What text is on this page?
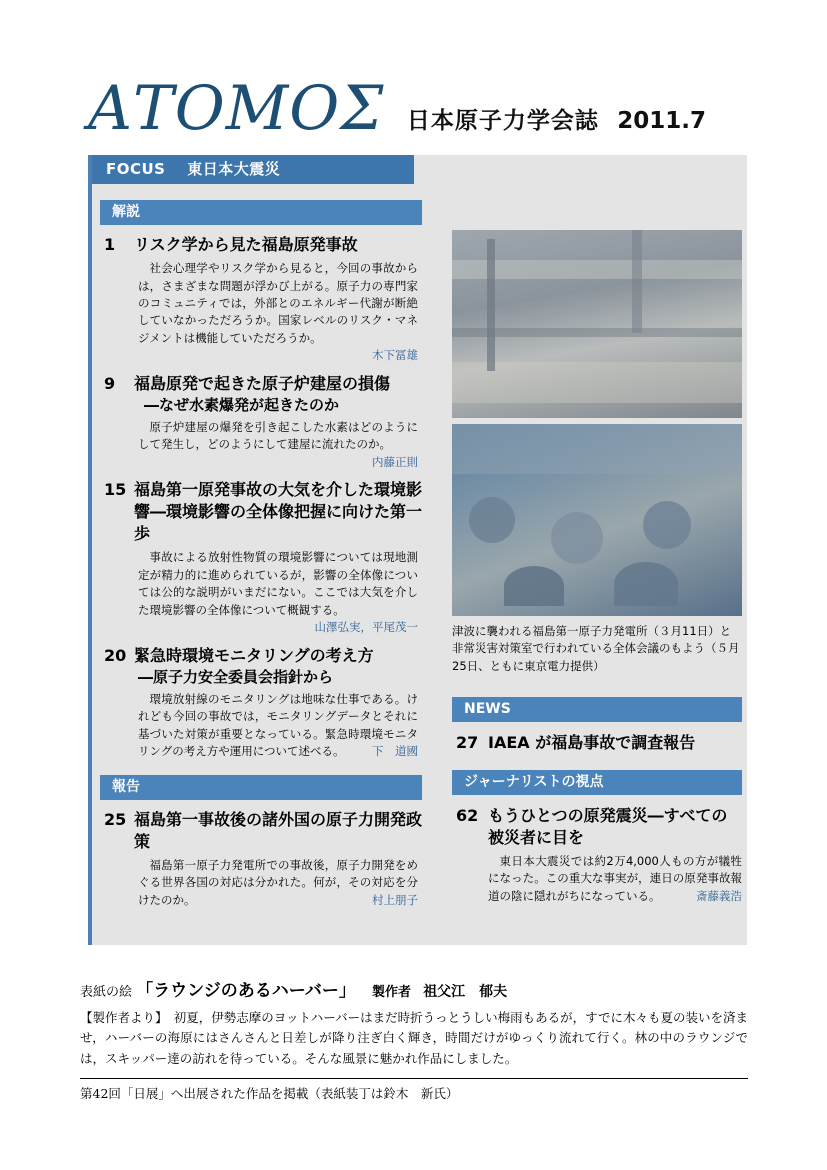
ΑΤΟΜΟΣ 日本原子力学会誌 2011.7
FOCUS 東日本大震災
解説
1	リスク学から見た福島原発事故
社会心理学やリスク学から見ると，今回の事故からは，さまざまな問題が浮かび上がる。原子力の専門家のコミュニティでは，外部とのエネルギー代謝が断絶していなかっただろうか。国家レベルのリスク・マネジメントは機能していただろうか。
木下冨雄
9	福島原発で起きた原子炉建屋の損傷
―なぜ水素爆発が起きたのか
原子炉建屋の爆発を引き起こした水素はどのようにして発生し，どのようにして建屋に流れたのか。
内藤正則
15 福島第一原発事故の大気を介した環境影響―環境影響の全体像把握に向けた第一歩
事故による放射性物質の環境影響については現地測定が精力的に進められているが，影響の全体像については公的な説明がいまだにない。ここでは大気を介した環境影響の全体像について概観する。
山澤弘実，平尾茂一
20 緊急時環境モニタリングの考え方
―原子力安全委員会指針から
環境放射線のモニタリングは地味な仕事である。けれども今回の事故では，モニタリングデータとそれに基づいた対策が重要となっている。緊急時環境モニタリングの考え方や運用について述べる。 下　道國
報告
25 福島第一事故後の諸外国の原子力開発政策
福島第一原子力発電所での事故後，原子力開発をめぐる世界各国の対応は分かれた。何が，その対応を分けたのか。	村上朋子
津波に襲われる福島第一原子力発電所（３月11日）と非常災害対策室で行われている全体会議のもよう（５月25日、ともに東京電力提供）
NEWS
27 IAEA が福島事故で調査報告
ジャーナリストの視点
62 もうひとつの原発震災―すべての被災者に目を
東日本大震災では約2万4,000人もの方が犠牲になった。この重大な事実が，連日の原発事故報道の陰に隠れがちになっている。	斎藤義浩
表紙の絵 「ラウンジのあるハーバー」 製作者 祖父江　郁夫
【製作者より】　初夏，伊勢志摩のヨットハーバーはまだ時折うっとうしい梅雨もあるが，すでに木々も夏の装いを済ませ，ハーバーの海原にはさんさんと日差しが降り注ぎ白く輝き，時間だけがゆっくり流れて行く。林の中のラウンジでは，スキッパー達の訪れを待っている。そんな風景に魅かれ作品にしました。
第42回「日展」へ出展された作品を掲載（表紙装丁は鈴木　新氏）
